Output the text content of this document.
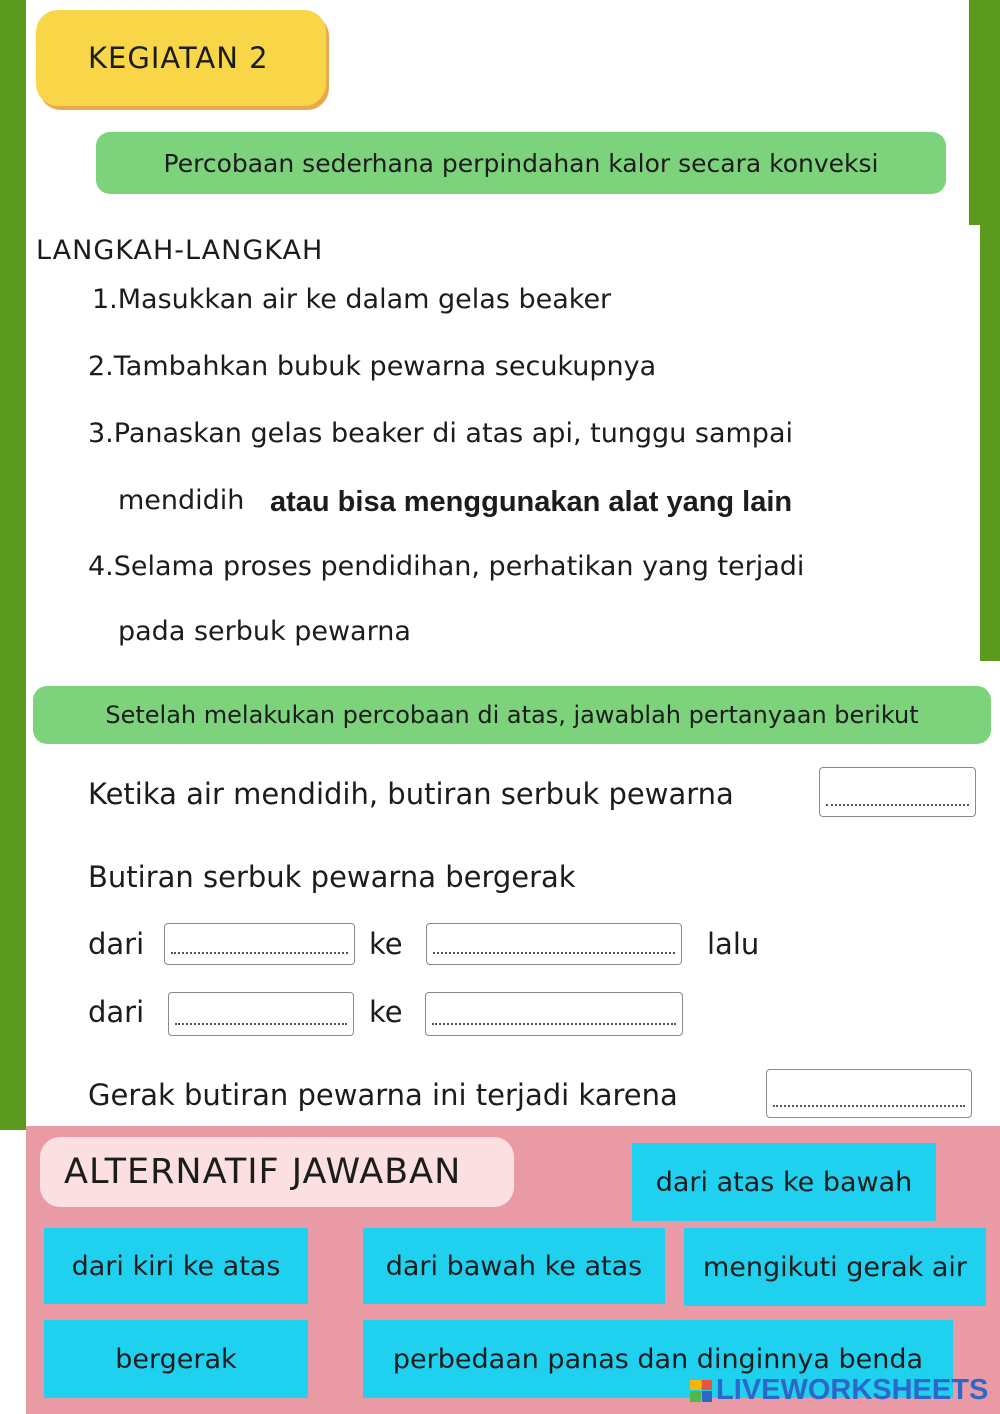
KEGIATAN 2
Percobaan sederhana perpindahan kalor secara konveksi
LANGKAH-LANGKAH
1.Masukkan air ke dalam gelas beaker
2.Tambahkan bubuk pewarna secukupnya
3.Panaskan gelas beaker di atas api, tunggu sampai
mendidih atau bisa menggunakan alat yang lain
4.Selama proses pendidihan, perhatikan yang terjadi
pada serbuk pewarna
Setelah melakukan percobaan di atas, jawablah pertanyaan berikut
Ketika air mendidih, butiran serbuk pewarna
Butiran serbuk pewarna bergerak
dari	ke	lalu
dari	ke
Gerak butiran pewarna ini terjadi karena
ALTERNATIF JAWABAN	dari atas ke bawah
dari kiri ke atas	dari bawah ke atas	mengikuti gerak air
bergerak	perbedaan panas dan dinginnya benda
LIVEWORKSHEETS
